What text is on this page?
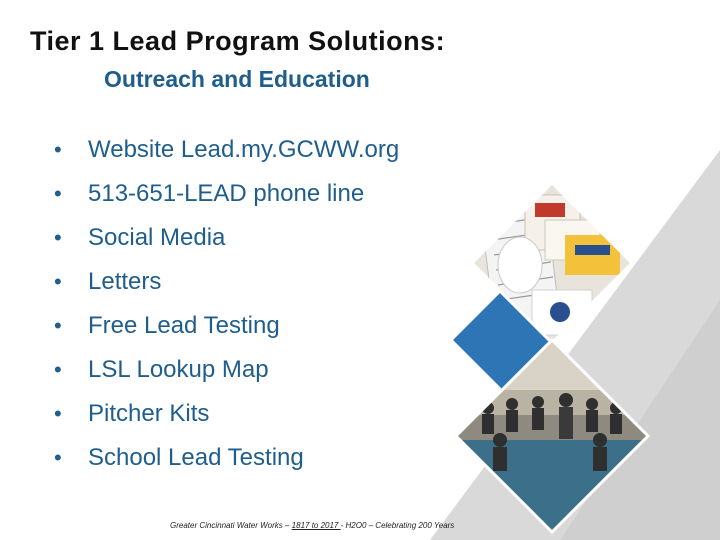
Tier 1 Lead Program Solutions:
Outreach and Education
•	Website Lead.my.GCWW.org
•	513-651-LEAD phone line
•	Social Media
•	Letters
•	Free Lead Testing
•	LSL Lookup Map
•	Pitcher Kits
•	School Lead Testing
Greater Cincinnati Water Works – 1817 to 2017 - H2O0 – Celebrating 200 Years
